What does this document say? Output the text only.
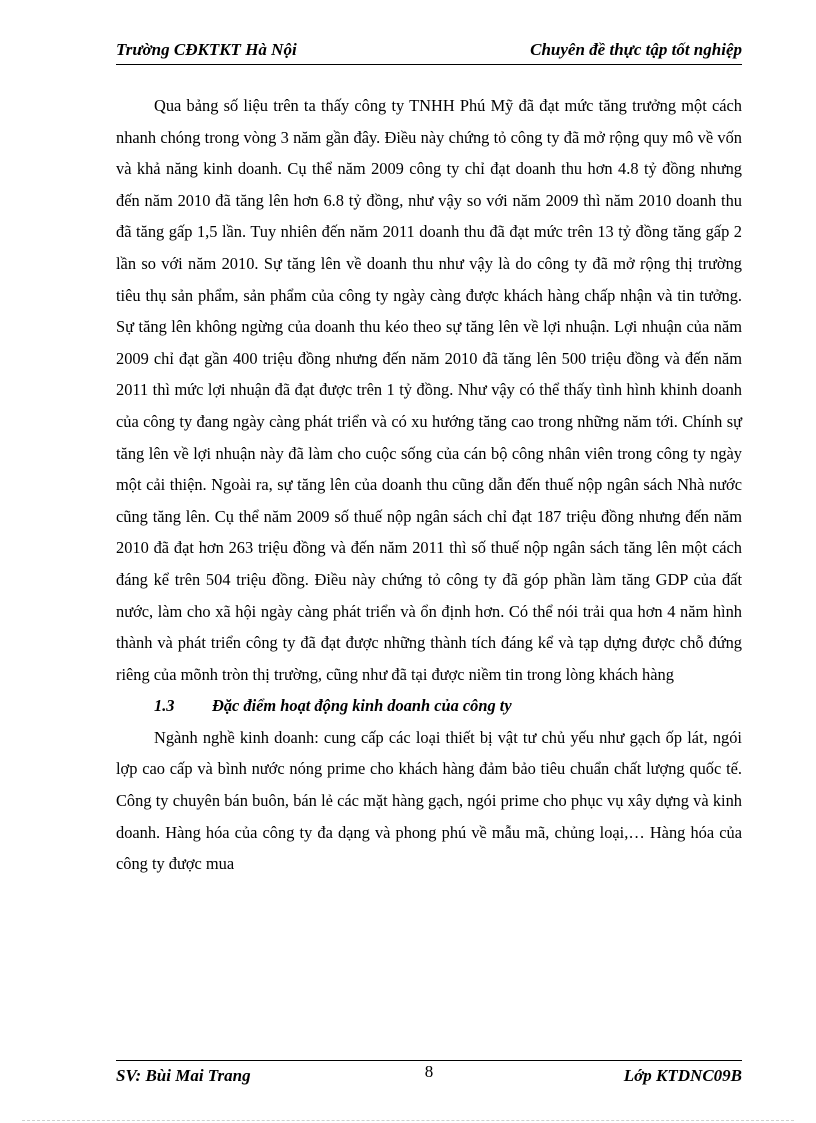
Trường CĐKTKT Hà Nội	Chuyên đề thực tập tốt nghiệp

Qua bảng số liệu trên ta thấy công ty TNHH Phú Mỹ đã đạt mức tăng trưởng một cách nhanh chóng trong vòng 3 năm gần đây. Điều này chứng tỏ công ty đã mở rộng quy mô về vốn và khả năng kinh doanh. Cụ thể năm 2009 công ty chỉ đạt doanh thu hơn 4.8 tỷ đồng nhưng đến năm 2010 đã tăng lên hơn 6.8 tỷ đồng, như vậy so với năm 2009 thì năm 2010 doanh thu đã tăng gấp 1,5 lần. Tuy nhiên đến năm 2011 doanh thu đã đạt mức trên 13 tỷ đồng tăng gấp 2 lần so với năm 2010. Sự tăng lên về doanh thu như vậy là do công ty đã mở rộng thị trường tiêu thụ sản phẩm, sản phẩm của công ty ngày càng được khách hàng chấp nhận và tin tưởng. Sự tăng lên không ngừng của doanh thu kéo theo sự tăng lên về lợi nhuận. Lợi nhuận của năm 2009 chỉ đạt gần 400 triệu đồng nhưng đến năm 2010 đã tăng lên 500 triệu đồng và đến năm 2011 thì mức lợi nhuận đã đạt được trên 1 tỷ đồng. Như vậy có thể thấy tình hình khinh doanh của công ty đang ngày càng phát triển và có xu hướng tăng cao trong những năm tới. Chính sự tăng lên về lợi nhuận này đã làm cho cuộc sống của cán bộ công nhân viên trong công ty ngày một cải thiện. Ngoài ra, sự tăng lên của doanh thu cũng dẫn đến thuế nộp ngân sách Nhà nước cũng tăng lên. Cụ thể năm 2009 số thuế nộp ngân sách chỉ đạt 187 triệu đồng nhưng đến năm 2010 đã đạt hơn 263 triệu đồng và đến năm 2011 thì số thuế nộp ngân sách tăng lên một cách đáng kể trên 504 triệu đồng. Điều này chứng tỏ công ty đã góp phần làm tăng GDP của đất nước, làm cho xã hội ngày càng phát triển và ổn định hơn. Có thể nói trải qua hơn 4 năm hình thành và phát triển công ty đã đạt được những thành tích đáng kể và tạp dựng được chỗ đứng riêng của mõnh tròn thị trường, cũng như đã tại được niềm tin trong lòng khách hàng

1.3 Đặc điểm hoạt động kinh doanh của công ty

Ngành nghề kinh doanh: cung cấp các loại thiết bị vật tư chủ yếu như gạch ốp lát, ngói lợp cao cấp và bình nước nóng prime cho khách hàng đảm bảo tiêu chuẩn chất lượng quốc tế. Công ty chuyên bán buôn, bán lẻ các mặt hàng gạch, ngói prime cho phục vụ xây dựng và kinh doanh. Hàng hóa của công ty đa dạng và phong phú về mẫu mã, chủng loại,… Hàng hóa của công ty được mua

SV: Bùi Mai Trang	8	Lớp KTDNC09B
